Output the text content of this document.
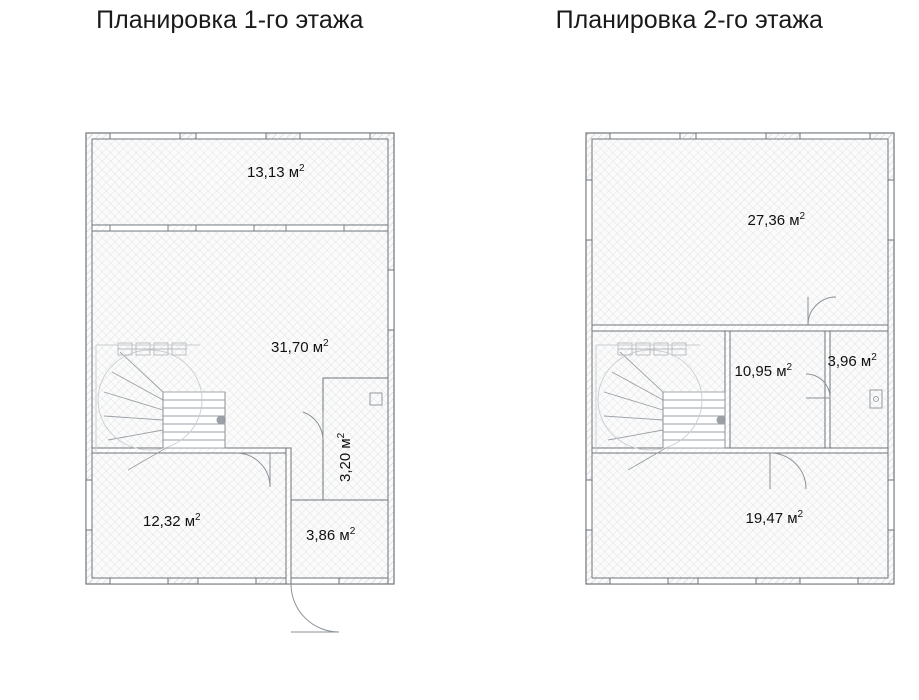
Планировка 1-го этажа
13,13 $м^2$
31,70 $м^2$
3,20 $м^2$
12,32 $м^2$
3,86 $м^2$
Планировка 2-го этажа
27,36 $м^2$
10,95 $м^2$ 3,96 $м^2$
19,47 $м^2$
